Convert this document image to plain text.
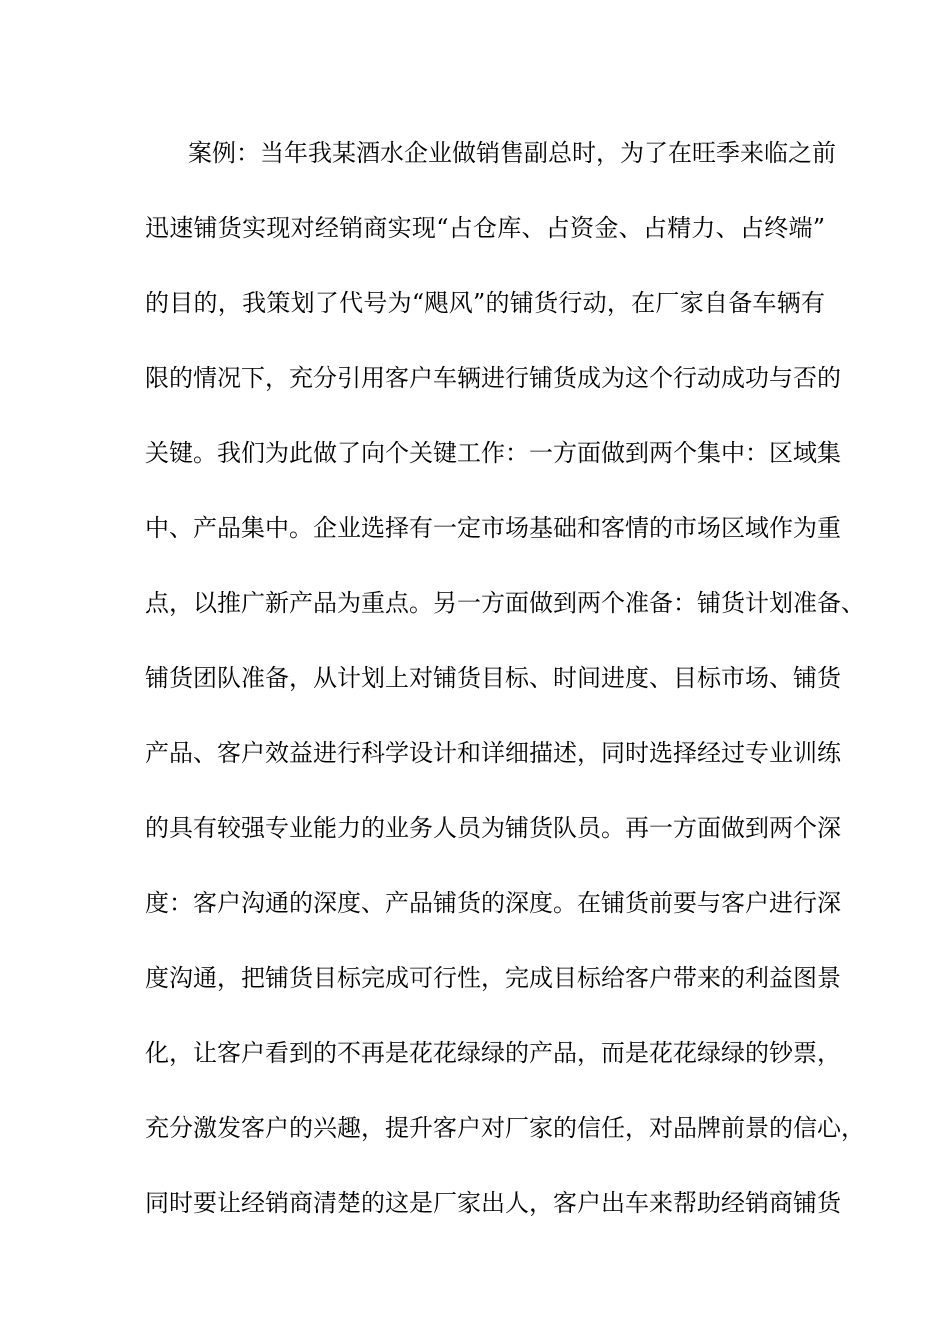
案例：当年我某酒水企业做销售副总时，为了在旺季来临之前
迅速铺货实现对经销商实现“占仓库、占资金、占精力、占终端”
的目的，我策划了代号为“飓风”的铺货行动，在厂家自备车辆有
限的情况下，充分引用客户车辆进行铺货成为这个行动成功与否的
关键。我们为此做了向个关键工作：一方面做到两个集中：区域集
中、产品集中。企业选择有一定市场基础和客情的市场区域作为重
点，以推广新产品为重点。另一方面做到两个准备：铺货计划准备、
铺货团队准备，从计划上对铺货目标、时间进度、目标市场、铺货
产品、客户效益进行科学设计和详细描述，同时选择经过专业训练
的具有较强专业能力的业务人员为铺货队员。再一方面做到两个深
度：客户沟通的深度、产品铺货的深度。在铺货前要与客户进行深
度沟通，把铺货目标完成可行性，完成目标给客户带来的利益图景
化，让客户看到的不再是花花绿绿的产品，而是花花绿绿的钞票，
充分激发客户的兴趣，提升客户对厂家的信任，对品牌前景的信心，
同时要让经销商清楚的这是厂家出人，客户出车来帮助经销商铺货
